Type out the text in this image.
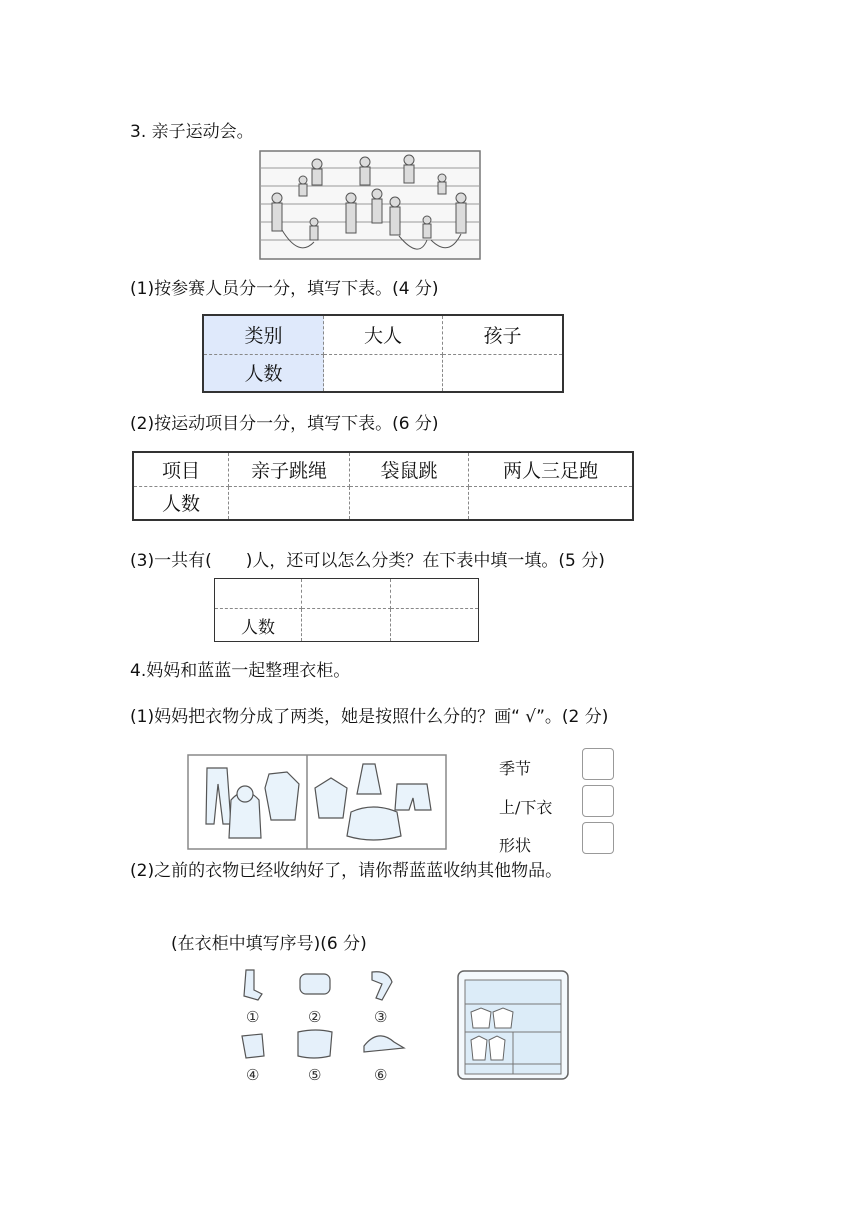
3. 亲子运动会。
(1)按参赛人员分一分，填写下表。(4 分)
类别	大人	孩子
人数		
(2)按运动项目分一分，填写下表。(6 分)
项目	亲子跳绳	袋鼠跳	两人三足跑
人数			
(3)一共有( )人，还可以怎么分类？在下表中填一填。(5 分)

人数		
4.妈妈和蓝蓝一起整理衣柜。
(1)妈妈把衣物分成了两类，她是按照什么分的？画“ √”。(2 分)
季节
上/下衣
形状
(2)之前的衣物已经收纳好了，请你帮蓝蓝收纳其他物品。
(在衣柜中填写序号)(6 分)
①	②	③
④	⑤	⑥
